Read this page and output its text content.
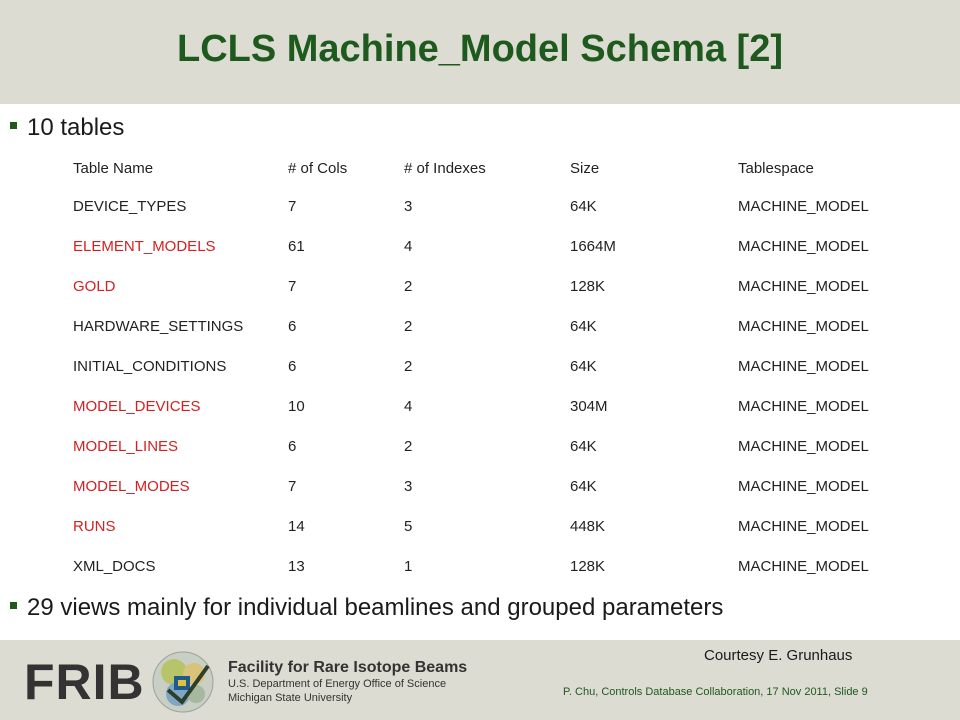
LCLS Machine_Model Schema [2]
10 tables
Table Name	# of Cols	# of Indexes	Size	Tablespace
DEVICE_TYPES	7	3	64K	MACHINE_MODEL
ELEMENT_MODELS	61	4	1664M	MACHINE_MODEL
GOLD	7	2	128K	MACHINE_MODEL
HARDWARE_SETTINGS	6	2	64K	MACHINE_MODEL
INITIAL_CONDITIONS	6	2	64K	MACHINE_MODEL
MODEL_DEVICES	10	4	304M	MACHINE_MODEL
MODEL_LINES	6	2	64K	MACHINE_MODEL
MODEL_MODES	7	3	64K	MACHINE_MODEL
RUNS	14	5	448K	MACHINE_MODEL
XML_DOCS	13	1	128K	MACHINE_MODEL
29 views mainly for individual beamlines and grouped parameters
FRIB	Facility for Rare Isotope Beams
U.S. Department of Energy Office of Science
Michigan State University
Courtesy E. Grunhaus
P. Chu, Controls Database Collaboration, 17 Nov 2011, Slide 9
